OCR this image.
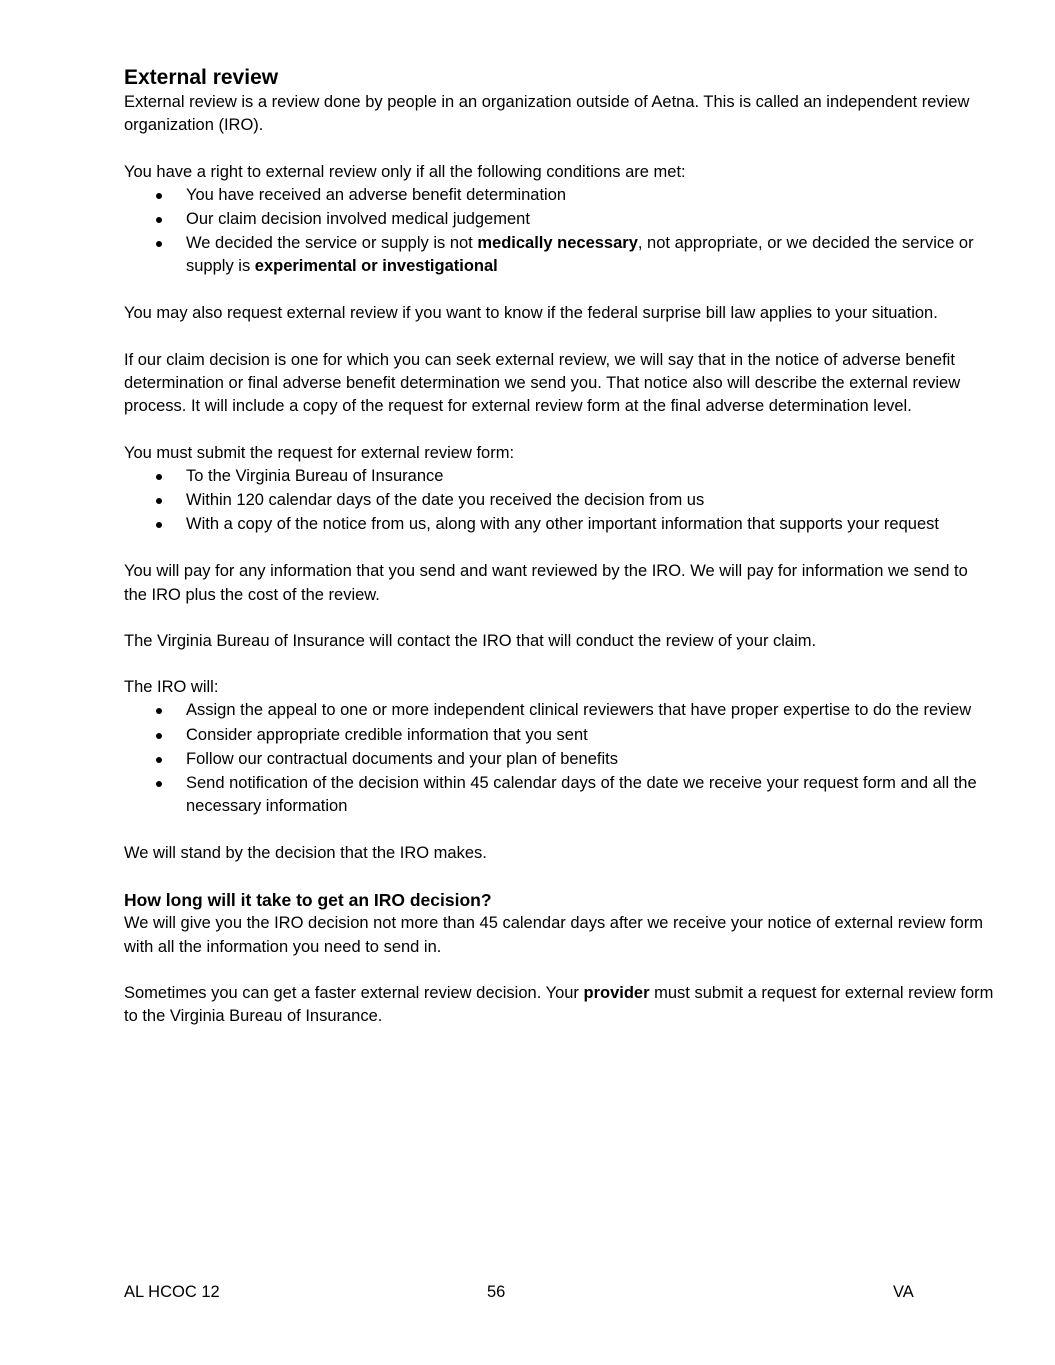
External review

External review is a review done by people in an organization outside of Aetna. This is called an independent review organization (IRO).

You have a right to external review only if all the following conditions are met:

You have received an adverse benefit determination
Our claim decision involved medical judgement
We decided the service or supply is not medically necessary, not appropriate, or we decided the service or supply is experimental or investigational

You may also request external review if you want to know if the federal surprise bill law applies to your situation.

If our claim decision is one for which you can seek external review, we will say that in the notice of adverse benefit determination or final adverse benefit determination we send you. That notice also will describe the external review process. It will include a copy of the request for external review form at the final adverse determination level.

You must submit the request for external review form:

To the Virginia Bureau of Insurance
Within 120 calendar days of the date you received the decision from us
With a copy of the notice from us, along with any other important information that supports your request

You will pay for any information that you send and want reviewed by the IRO. We will pay for information we send to the IRO plus the cost of the review.

The Virginia Bureau of Insurance will contact the IRO that will conduct the review of your claim.

The IRO will:

Assign the appeal to one or more independent clinical reviewers that have proper expertise to do the review
Consider appropriate credible information that you sent
Follow our contractual documents and your plan of benefits
Send notification of the decision within 45 calendar days of the date we receive your request form and all the necessary information

We will stand by the decision that the IRO makes.

How long will it take to get an IRO decision?

We will give you the IRO decision not more than 45 calendar days after we receive your notice of external review form with all the information you need to send in.

Sometimes you can get a faster external review decision. Your provider must submit a request for external review form to the Virginia Bureau of Insurance.

AL HCOC 12	56	VA
